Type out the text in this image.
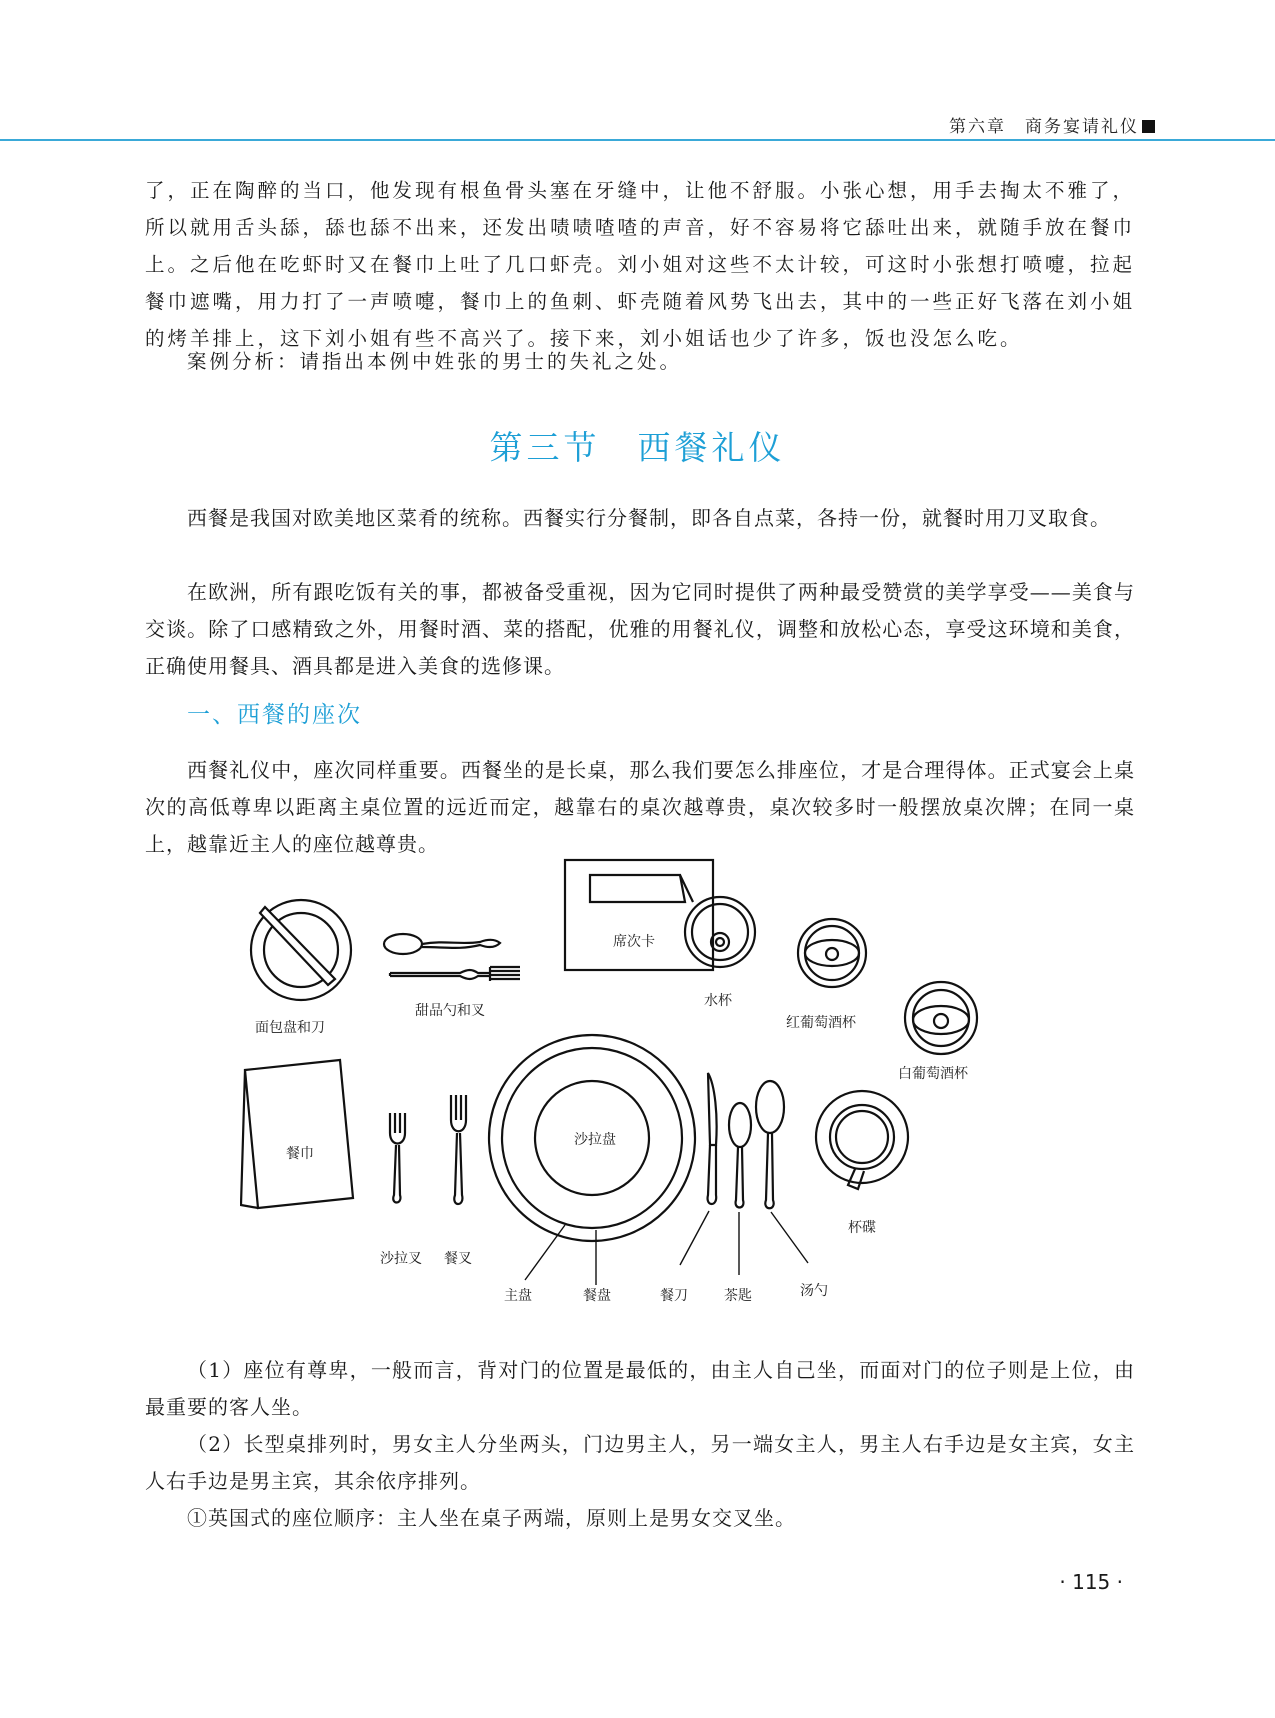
第六章　 商务宴请礼仪
了，正在陶醉的当口，他发现有根鱼骨头塞在牙缝中，让他不舒服。小张心想，用手去掏太不雅了，所以就用舌头舔，舔也舔不出来，还发出啧啧喳喳的声音，好不容易将它舔吐出来，就随手放在餐巾上。之后他在吃虾时又在餐巾上吐了几口虾壳。刘小姐对这些不太计较，可这时小张想打喷嚏，拉起餐巾遮嘴，用力打了一声喷嚏，餐巾上的鱼刺、虾壳随着风势飞出去，其中的一些正好飞落在刘小姐的烤羊排上，这下刘小姐有些不高兴了。接下来，刘小姐话也少了许多，饭也没怎么吃。
案例分析：请指出本例中姓张的男士的失礼之处。
第三节　西餐礼仪
西餐是我国对欧美地区菜肴的统称。西餐实行分餐制，即各自点菜，各持一份，就餐时用刀叉取食。
在欧洲，所有跟吃饭有关的事，都被备受重视，因为它同时提供了两种最受赞赏的美学享受——美食与交谈。除了口感精致之外，用餐时酒、菜的搭配，优雅的用餐礼仪，调整和放松心态，享受这环境和美食，正确使用餐具、酒具都是进入美食的选修课。
一、西餐的座次
西餐礼仪中，座次同样重要。西餐坐的是长桌，那么我们要怎么排座位，才是合理得体。正式宴会上桌次的高低尊卑以距离主桌位置的远近而定，越靠右的桌次越尊贵，桌次较多时一般摆放桌次牌；在同一桌上，越靠近主人的座位越尊贵。
面包盘和刀
甜品勺和叉
席次卡
水杯
红葡萄酒杯
白葡萄酒杯
餐巾
沙拉叉 餐叉
沙拉盘
主盘	餐盘	餐刀	茶匙	汤勺
杯碟
（1）座位有尊卑，一般而言，背对门的位置是最低的，由主人自己坐，而面对门的位子则是上位，由最重要的客人坐。
（2）长型桌排列时，男女主人分坐两头，门边男主人，另一端女主人，男主人右手边是女主宾，女主人右手边是男主宾，其余依序排列。
①英国式的座位顺序：主人坐在桌子两端，原则上是男女交叉坐。
· 115 ·
